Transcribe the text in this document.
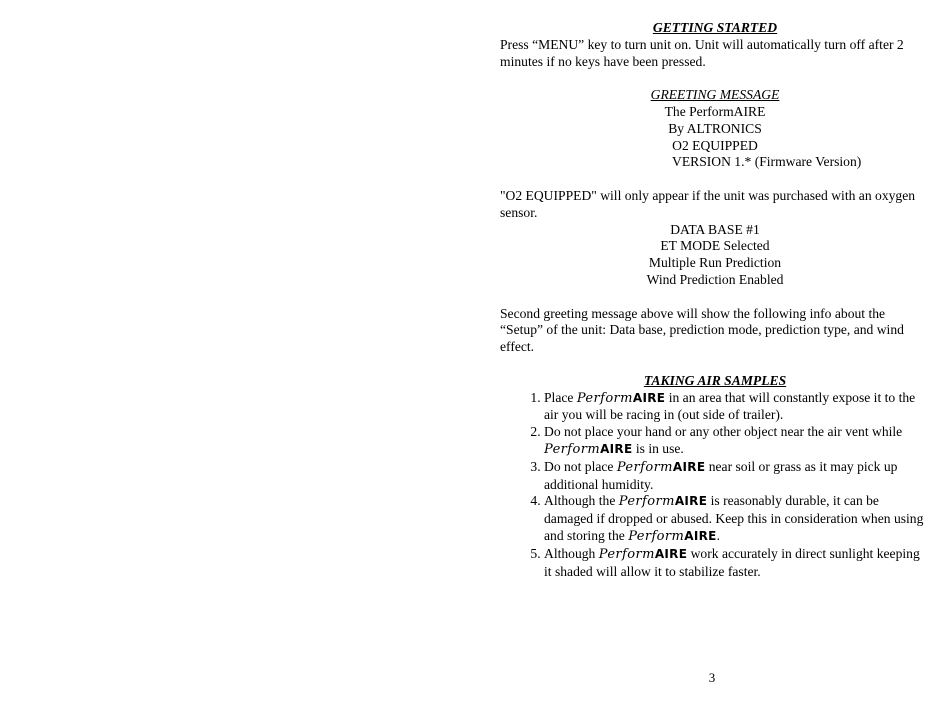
GETTING STARTED
Press “MENU” key to turn unit on. Unit will automatically turn off after 2 minutes if no keys have been pressed.
GREETING MESSAGE
The PerformAIRE
By ALTRONICS
O2 EQUIPPED
VERSION 1.* (Firmware Version)
"O2 EQUIPPED" will only appear if the unit was purchased with an oxygen sensor.
DATA BASE #1
ET MODE Selected
Multiple Run Prediction
Wind Prediction Enabled
Second greeting message above will show the following info about the “Setup” of the unit: Data base, prediction mode, prediction type, and wind effect.
TAKING AIR SAMPLES
1. Place PerformAIRE in an area that will constantly expose it to the air you will be racing in (out side of trailer).
2. Do not place your hand or any other object near the air vent while PerformAIRE is in use.
3. Do not place PerformAIRE near soil or grass as it may pick up additional humidity.
4. Although the PerformAIRE is reasonably durable, it can be damaged if dropped or abused. Keep this in consideration when using and storing the PerformAIRE.
5. Although PerformAIRE work accurately in direct sunlight keeping it shaded will allow it to stabilize faster.
3
